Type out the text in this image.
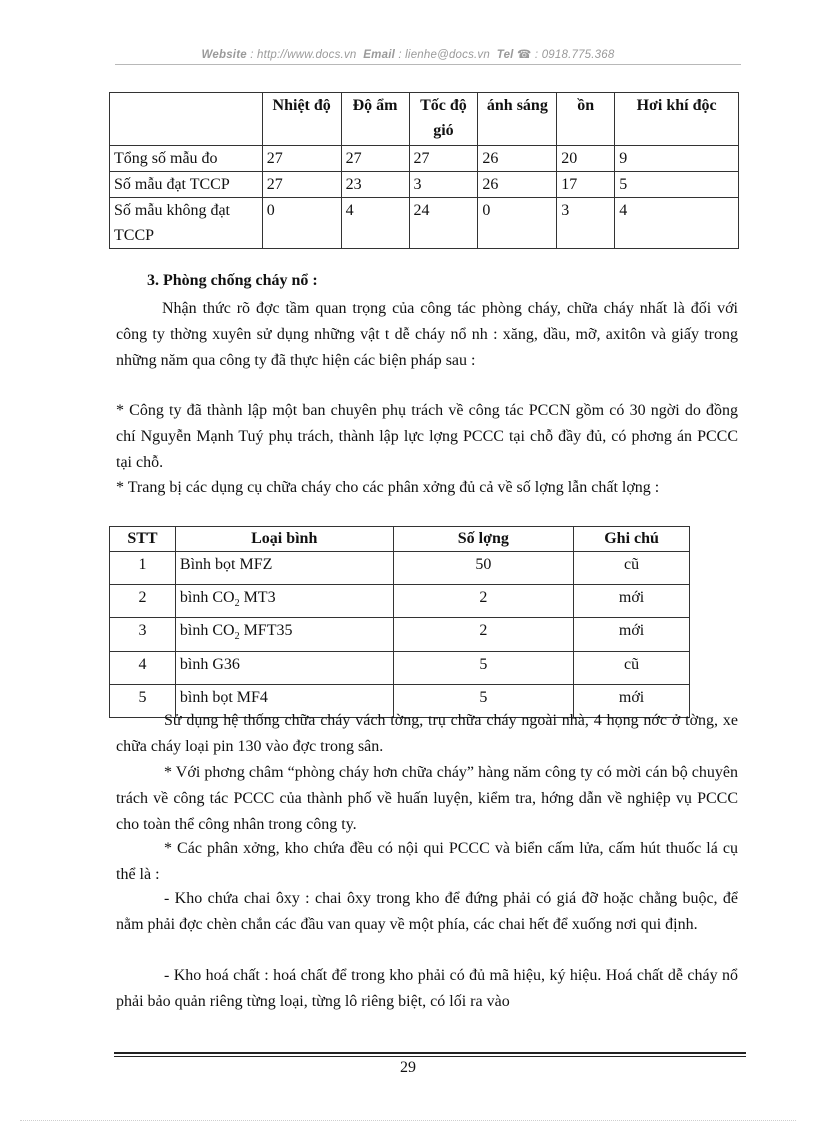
Website : http://www.docs.vn Email : lienhe@docs.vn Tel ☎ : 0918.775.368
	Nhiệt độ	Độ ẩm	Tốc độ gió	ánh sáng	ồn	Hơi khí độc
Tổng số mẫu đo	27	27	27	26	20	9
Số mẫu đạt TCCP	27	23	3	26	17	5
Số mẫu không đạt TCCP	0	4	24	0	3	4
3. Phòng chống cháy nổ :
Nhận thức rõ đợc tầm quan trọng của công tác phòng cháy, chữa cháy nhất là đối với công ty thờng xuyên sử dụng những vật t dễ cháy nổ nh : xăng, dầu, mỡ, axitôn và giấy trong những năm qua công ty đã thực hiện các biện pháp sau :
* Công ty đã thành lập một ban chuyên phụ trách về công tác PCCN gồm có 30 ngời do đồng chí Nguyễn Mạnh Tuý phụ trách, thành lập lực lợng PCCC tại chỗ đầy đủ, có phơng án PCCC tại chỗ.
* Trang bị các dụng cụ chữa cháy cho các phân xởng đủ cả về số lợng lẫn chất lợng :
STT	Loại bình	Số lợng	Ghi chú
1	Bình bọt MFZ	50	cũ
2	bình $CO_2$ MT3	2	mới
3	bình $CO_2$ MFT35	2	mới
4	bình G36	5	cũ
5	bình bọt MF4	5	mới
Sử dụng hệ thống chữa cháy vách tờng, trụ chữa cháy ngoài nhà, 4 họng nớc ở tờng, xe chữa cháy loại pin 130 vào đợc trong sân.
* Với phơng châm “phòng cháy hơn chữa cháy” hàng năm công ty có mời cán bộ chuyên trách về công tác PCCC của thành phố về huấn luyện, kiểm tra, hớng dẫn về nghiệp vụ PCCC cho toàn thể công nhân trong công ty.
* Các phân xởng, kho chứa đều có nội qui PCCC và biển cấm lửa, cấm hút thuốc lá cụ thể là :
- Kho chứa chai ôxy : chai ôxy trong kho để đứng phải có giá đỡ hoặc chằng buộc, để nằm phải đợc chèn chắn các đầu van quay về một phía, các chai hết để xuống nơi qui định.
- Kho hoá chất : hoá chất để trong kho phải có đủ mã hiệu, ký hiệu. Hoá chất dễ cháy nổ phải bảo quản riêng từng loại, từng lô riêng biệt, có lối ra vào
29
